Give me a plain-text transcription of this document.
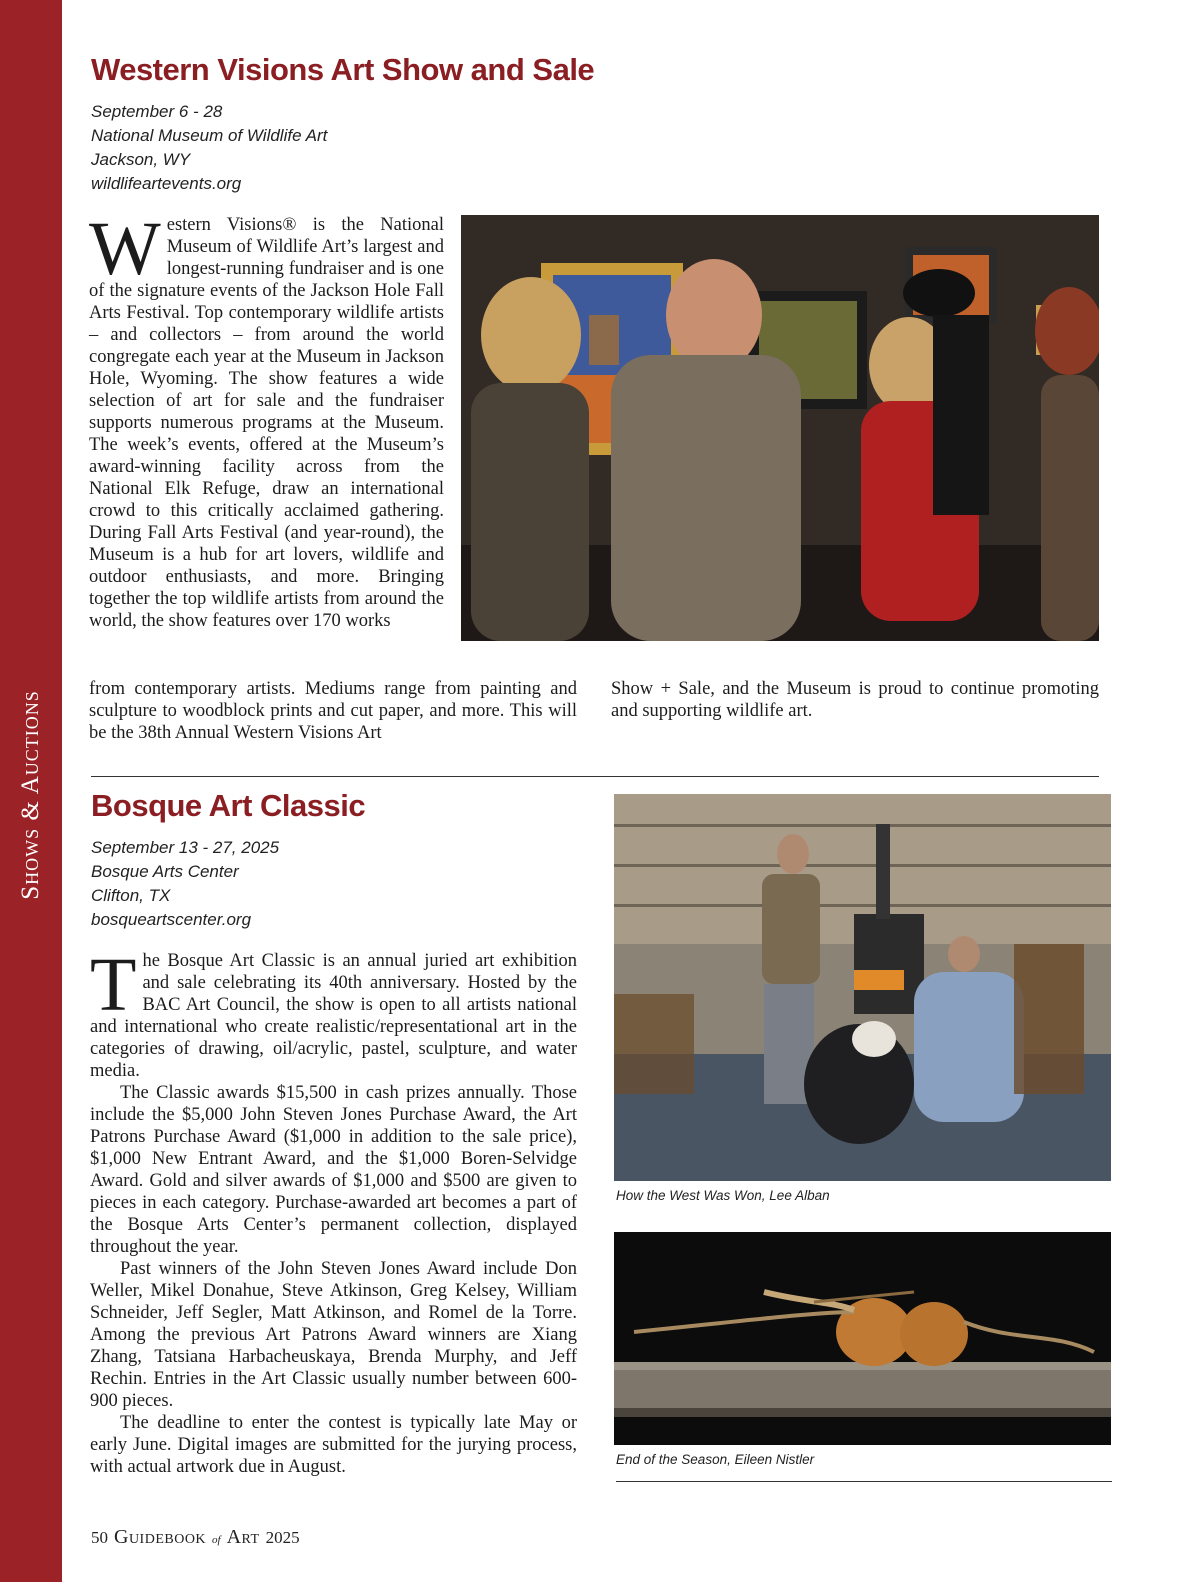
Shows & Auctions
Western Visions Art Show and Sale
September 6 - 28
National Museum of Wildlife Art
Jackson, WY
wildlifeartevents.org

Western Visions® is the National Museum of Wildlife Art’s largest and longest-running fundraiser and is one of the signature events of the Jackson Hole Fall Arts Festival. Top contemporary wildlife artists – and collectors – from around the world congregate each year at the Museum in Jackson Hole, Wyoming. The show features a wide selection of art for sale and the fundraiser supports numerous programs at the Museum. The week’s events, offered at the Museum’s award-winning facility across from the National Elk Refuge, draw an international crowd to this critically acclaimed gathering. During Fall Arts Festival (and year-round), the Museum is a hub for art lovers, wildlife and outdoor enthusiasts, and more. Bringing together the top wildlife artists from around the world, the show features over 170 works

from contemporary artists. Mediums range from painting and sculpture to woodblock prints and cut paper, and more. This will be the 38th Annual Western Visions Art

Show + Sale, and the Museum is proud to continue promoting and supporting wildlife art.

Bosque Art Classic
September 13 - 27, 2025
Bosque Arts Center
Clifton, TX
bosqueartscenter.org

The Bosque Art Classic is an annual juried art exhibition and sale celebrating its 40th anniversary. Hosted by the BAC Art Council, the show is open to all artists national and international who create realistic/representational art in the categories of drawing, oil/acrylic, pastel, sculpture, and water media.

The Classic awards $15,500 in cash prizes annually. Those include the $5,000 John Steven Jones Purchase Award, the Art Patrons Purchase Award ($1,000 in addition to the sale price), $1,000 New Entrant Award, and the $1,000 Boren-Selvidge Award. Gold and silver awards of $1,000 and $500 are given to pieces in each category. Purchase-awarded art becomes a part of the Bosque Arts Center’s permanent collection, displayed throughout the year.

Past winners of the John Steven Jones Award include Don Weller, Mikel Donahue, Steve Atkinson, Greg Kelsey, William Schneider, Jeff Segler, Matt Atkinson, and Romel de la Torre. Among the previous Art Patrons Award winners are Xiang Zhang, Tatsiana Harbacheuskaya, Brenda Murphy, and Jeff Rechin. Entries in the Art Classic usually number between 600-900 pieces.

The deadline to enter the contest is typically late May or early June. Digital images are submitted for the jurying process, with actual artwork due in August.

How the West Was Won, Lee Alban
End of the Season, Eileen Nistler
50 Guidebook of Art 2025
